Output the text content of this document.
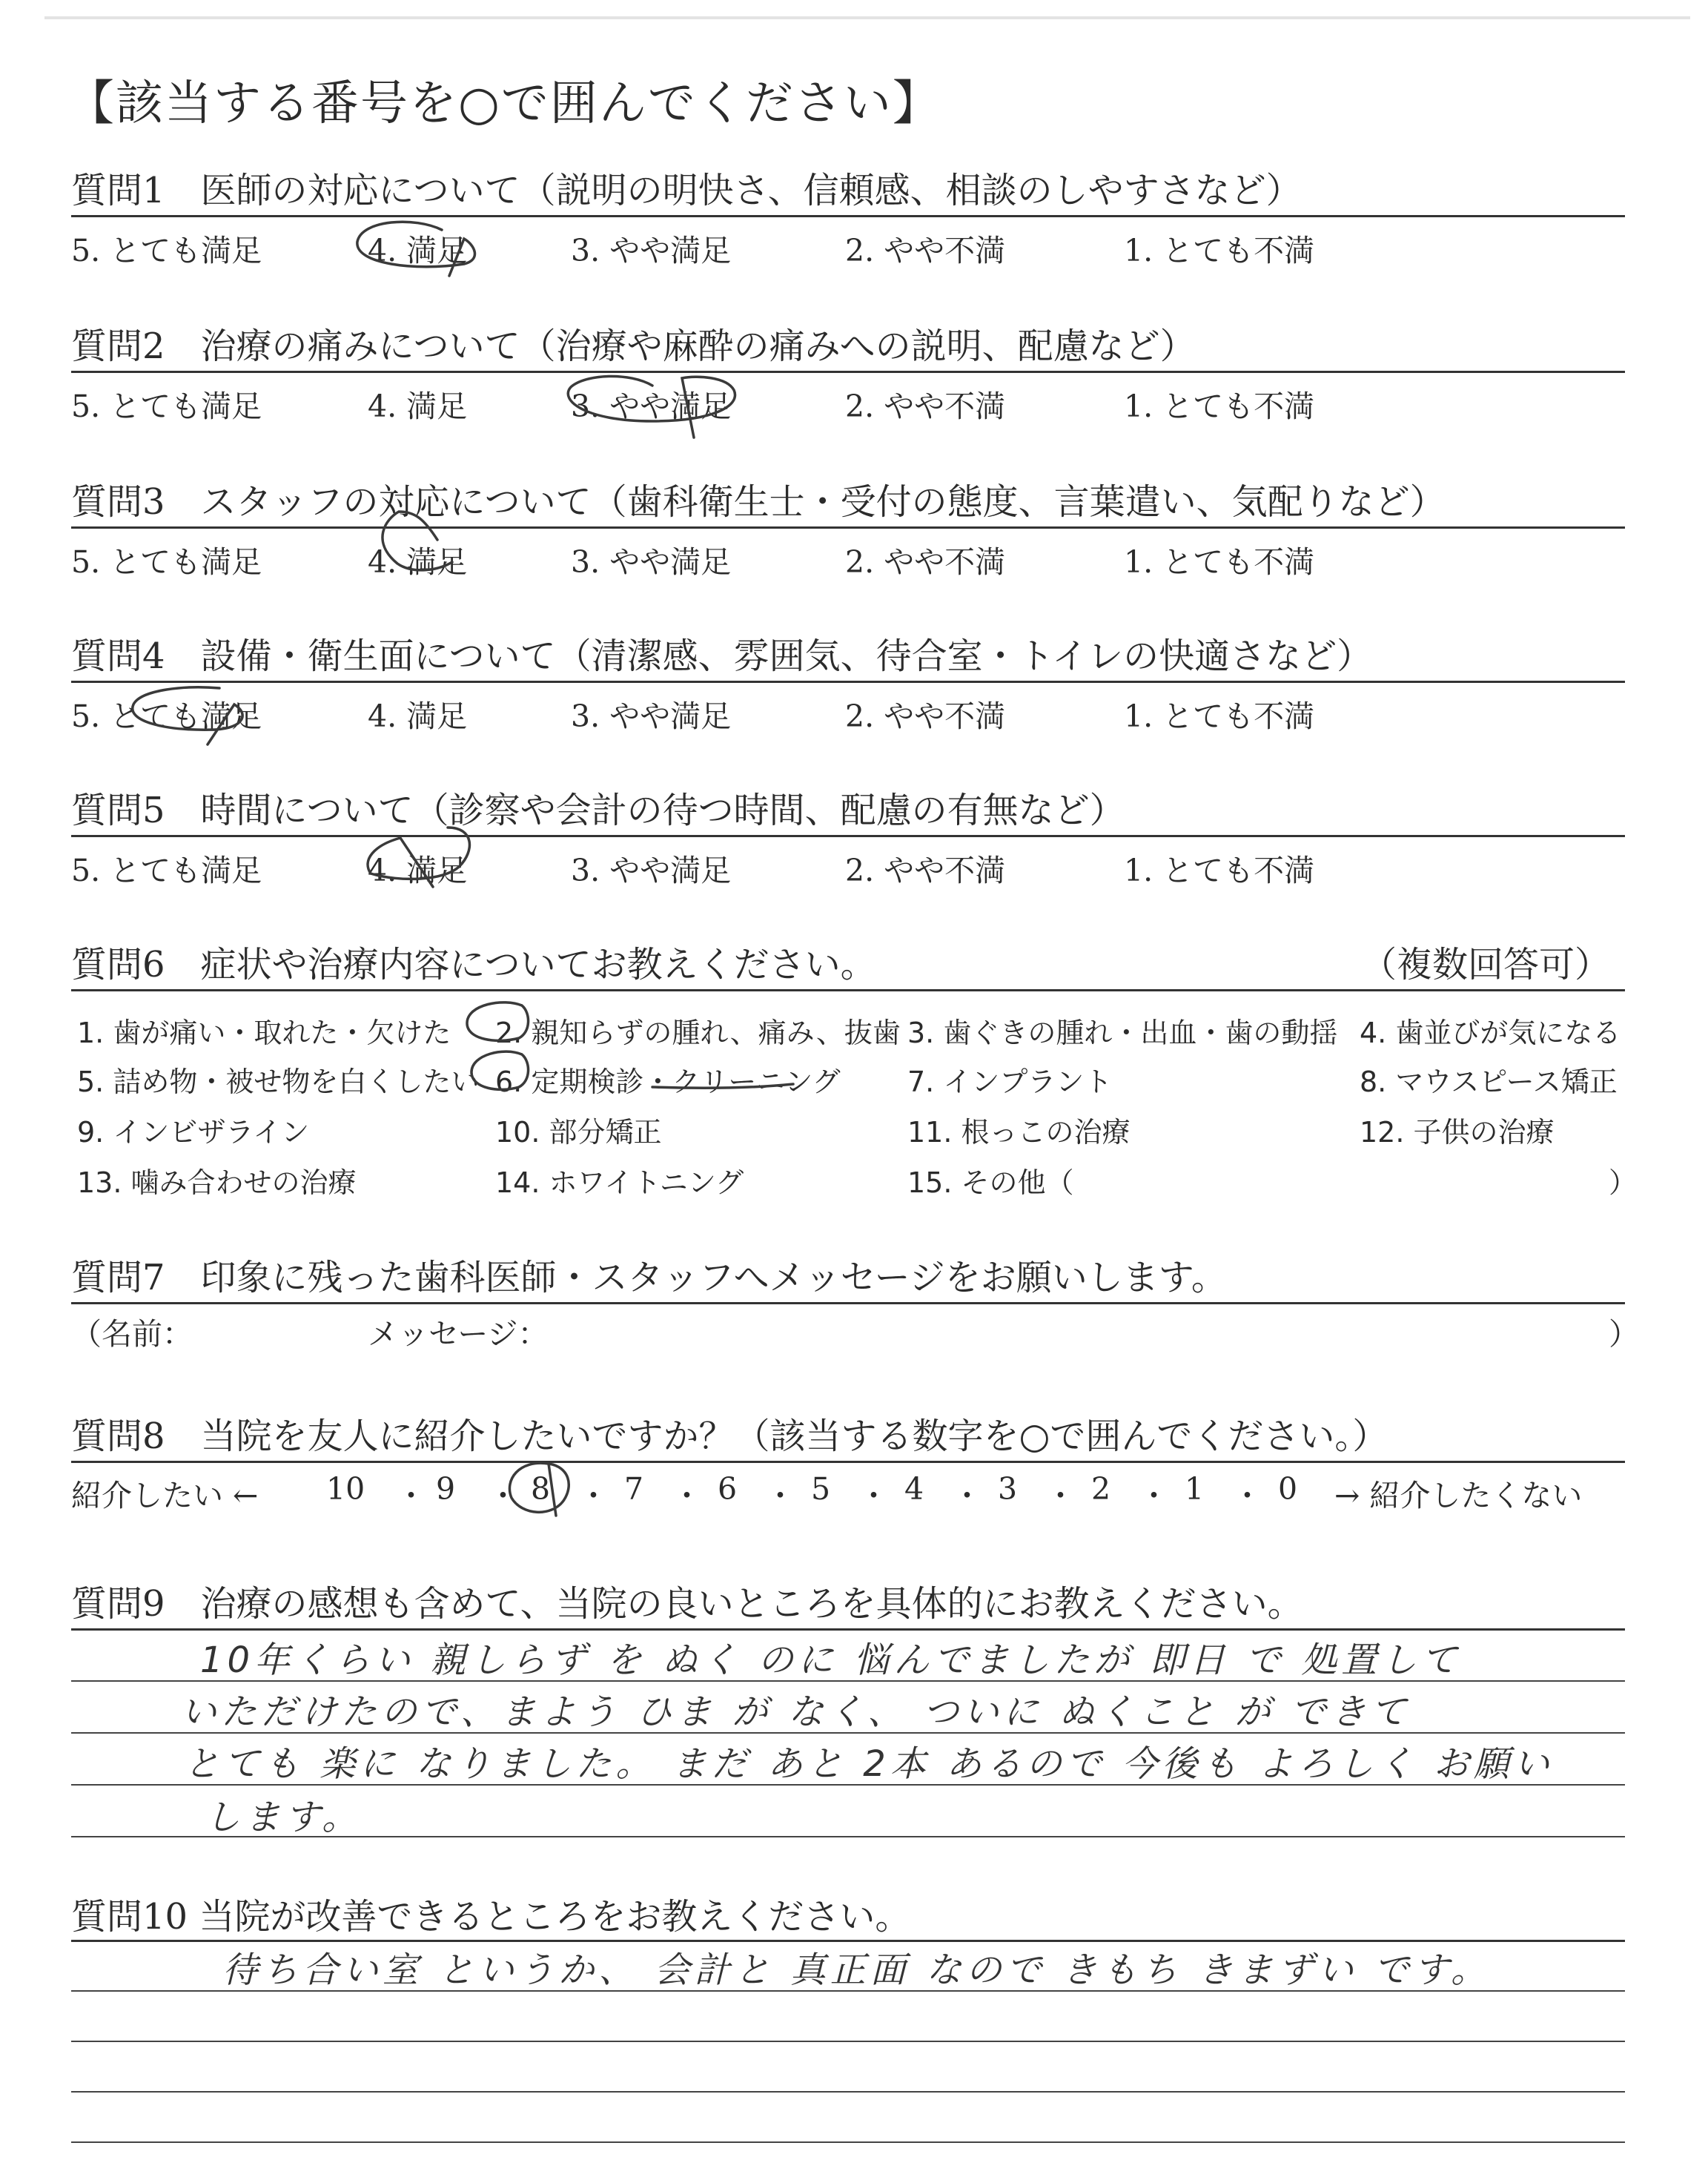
【該当する番号を○で囲んでください】
質問1　医師の対応について（説明の明快さ、信頼感、相談のしやすさなど）
5. とても満足	4. 満足	3. やや満足	2. やや不満	1. とても不満
質問2　治療の痛みについて（治療や麻酔の痛みへの説明、配慮など）
5. とても満足	4. 満足	3. やや満足	2. やや不満	1. とても不満
質問3　スタッフの対応について（歯科衛生士・受付の態度、言葉遣い、気配りなど）
5. とても満足	4. 満足	3. やや満足	2. やや不満	1. とても不満
質問4　設備・衛生面について（清潔感、雰囲気、待合室・トイレの快適さなど）
5. とても満足	4. 満足	3. やや満足	2. やや不満	1. とても不満
質問5　時間について（診察や会計の待つ時間、配慮の有無など）
5. とても満足	4. 満足	3. やや満足	2. やや不満	1. とても不満
質問6　症状や治療内容についてお教えください。	（複数回答可）
1. 歯が痛い・取れた・欠けた 2. 親知らずの腫れ、痛み、抜歯 3. 歯ぐきの腫れ・出血・歯の動揺 4. 歯並びが気になる
5. 詰め物・被せ物を白くしたい 6. 定期検診・クリーニング 7. インプラント	8. マウスピース矯正
9. インビザライン	10. 部分矯正	11. 根っこの治療	12. 子供の治療
13. 噛み合わせの治療	14. ホワイトニング	15. その他（	）
質問7　印象に残った歯科医師・スタッフへメッセージをお願いします。
（名前：	メッセージ：	）
質問8　当院を友人に紹介したいですか？（該当する数字を○で囲んでください。）
紹介したい ← 10 ・ 9 ・ 8 ・ 7 ・ 6 ・ 5 ・ 4 ・ 3 ・ 2 ・ 1 ・ 0 → 紹介したくない
質問9　治療の感想も含めて、当院の良いところを具体的にお教えください。
10年くらい 親しらず を ぬく のに 悩んでましたが 即日 で 処置して
いただけたので、まよう ひま が なく、 ついに ぬくこと が できて
とても 楽に なりました。 まだ あと 2本 あるので 今後も よろしく お願い
します。
質問10 当院が改善できるところをお教えください。
待ち合い室 というか、 会計と 真正面 なので きもち きまずい です。
